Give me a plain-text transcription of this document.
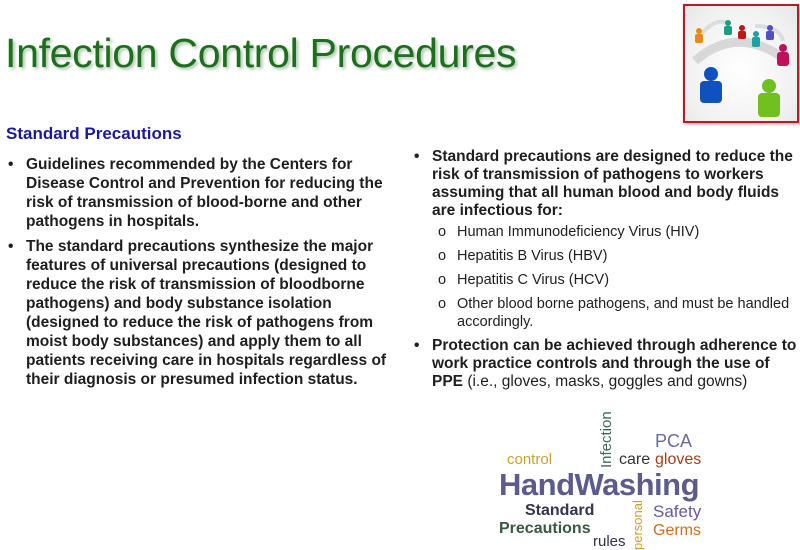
Infection Control Procedures
Standard Precautions
• Guidelines recommended by the Centers for Disease Control and Prevention for reducing the risk of transmission of blood-borne and other pathogens in hospitals.
• The standard precautions synthesize the major features of universal precautions (designed to reduce the risk of transmission of bloodborne pathogens) and body substance isolation (designed to reduce the risk of pathogens from moist body substances) and apply them to all patients receiving care in hospitals regardless of their diagnosis or presumed infection status.
• Standard precautions are designed to reduce the risk of transmission of pathogens to workers assuming that all human blood and body fluids are infectious for:
o Human Immunodeficiency Virus (HIV)
o Hepatitis B Virus (HBV)
o Hepatitis C Virus (HCV)
o Other blood borne pathogens, and must be handled accordingly.
• Protection can be achieved through adherence to work practice controls and through the use of PPE (i.e., gloves, masks, goggles and gowns)
Infection
control	care
PCA
gloves
HandWashing
Standard	Safety
personal Germs
Precautions
rules
